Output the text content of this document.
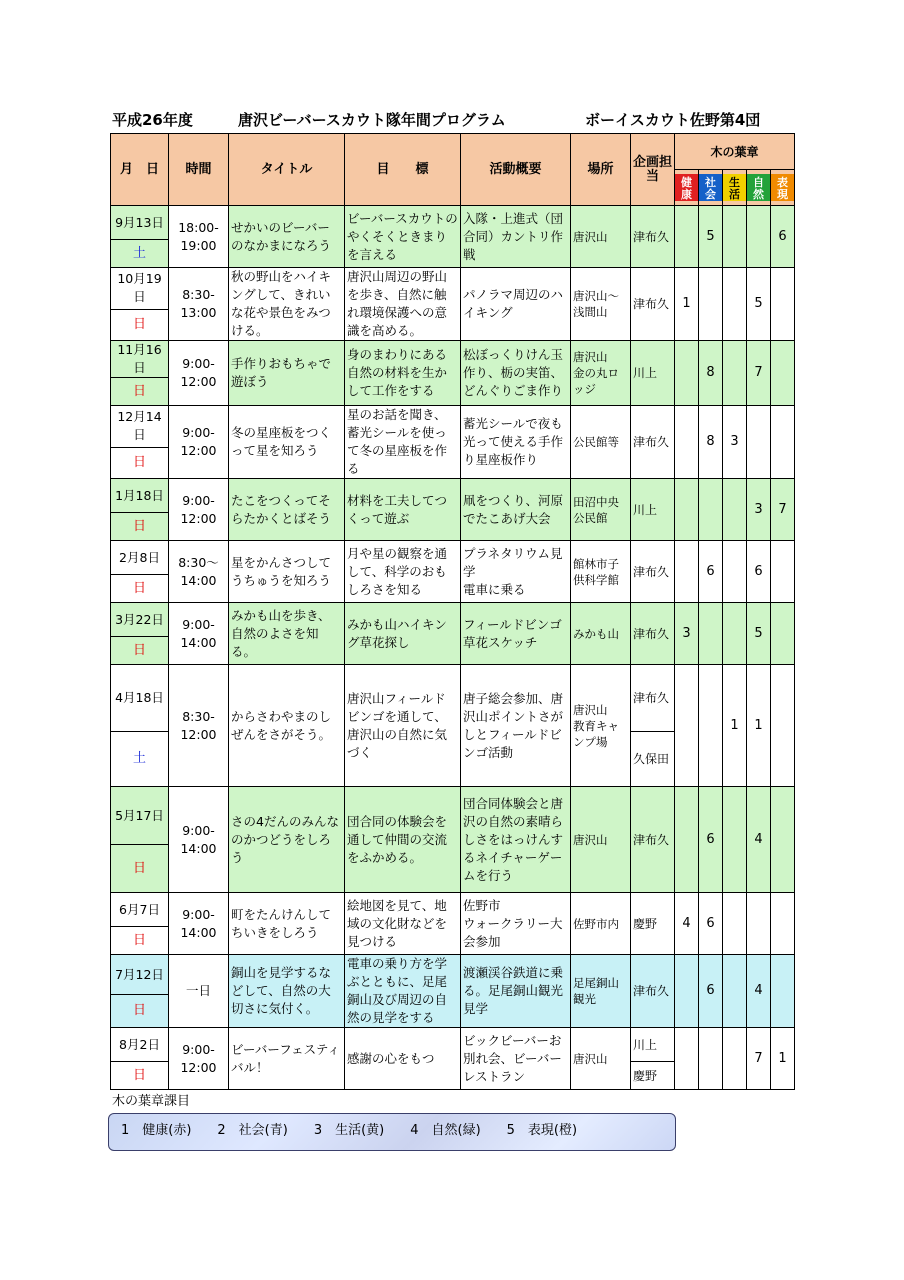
平成26年度	唐沢ビーバースカウト隊年間プログラム	ボーイスカウト佐野第4団
月　日	時間	タイトル	目　　標	活動概要	場所	企画担当	木の葉章				

							健
康	社
会	生
活	自
然	表
現

9月13日	18:00-
19:00	せかいのビーバーのなかまになろう	ビーバースカウトのやくそくときまりを言える	入隊・上進式（団合同）カントリ作戦	唐沢山	津布久		5			6
土											
10月19日	8:30-
13:00	秋の野山をハイキングして、きれいな花や景色をみつける。	唐沢山周辺の野山を歩き、自然に触れ環境保護への意識を高める。	パノラマ周辺のハイキング	唐沢山～浅間山	津布久	1			5	
日											
11月16日	9:00-
12:00	手作りおもちゃで遊ぼう	身のまわりにある自然の材料を生かして工作をする	松ぼっくりけん玉作り、栃の実笛、どんぐりごま作り	唐沢山
金の丸ロッジ	川上		8		7	
日											
12月14日	9:00-
12:00	冬の星座板をつくって星を知ろう	星のお話を聞き、蓄光シールを使って冬の星座板を作る	蓄光シールで夜も光って使える手作り星座板作り	公民館等	津布久		8	3		
日											
1月18日	9:00-
12:00	たこをつくってそらたかくとばそう	材料を工夫してつくって遊ぶ	凧をつくり、河原でたこあげ大会	田沼中央公民館	川上				3	7
日											
2月8日	8:30～
14:00	星をかんさつしてうちゅうを知ろう	月や星の観察を通して、科学のおもしろさを知る	プラネタリウム見学
電車に乗る	館林市子供科学館	津布久		6		6	
日											
3月22日	9:00-
14:00	みかも山を歩き、自然のよさを知る。	みかも山ハイキング草花探し	フィールドビンゴ
草花スケッチ	みかも山	津布久	3			5	
日											
4月18日	8:30-
12:00	からさわやまのしぜんをさがそう。	唐沢山フィールドビンゴを通して、唐沢山の自然に気づく	唐子総会参加、唐沢山ポイントさがしとフィールドビンゴ活動	唐沢山
教育キャンプ場	津布久			1	1	
土						久保田					
5月17日	9:00-
14:00	さの4だんのみんなのかつどうをしろう	団合同の体験会を通して仲間の交流をふかめる。	団合同体験会と唐沢の自然の素晴らしさをはっけんするネイチャーゲームを行う	唐沢山	津布久		6		4	
日											
6月7日	9:00-
14:00	町をたんけんしてちいきをしろう	絵地図を見て、地域の文化財などを見つける	佐野市
ウォークラリー大会参加	佐野市内	慶野	4	6			
日											
7月12日	一日	銅山を見学するなどして、自然の大切さに気付く。	電車の乗り方を学ぶとともに、足尾銅山及び周辺の自然の見学をする	渡瀬渓谷鉄道に乗る。足尾銅山観光見学	足尾銅山観光	津布久		6		4	
日											
8月2日	9:00-
12:00	ビーバーフェスティバル！	感謝の心をもつ	ビックビーバーお別れ会、ビーバーレストラン	唐沢山	川上				7	1
日						慶野					
木の葉章課目
1　健康(赤)　　2　社会(青)　　3　生活(黄)　　4　自然(緑)　　5　表現(橙)
